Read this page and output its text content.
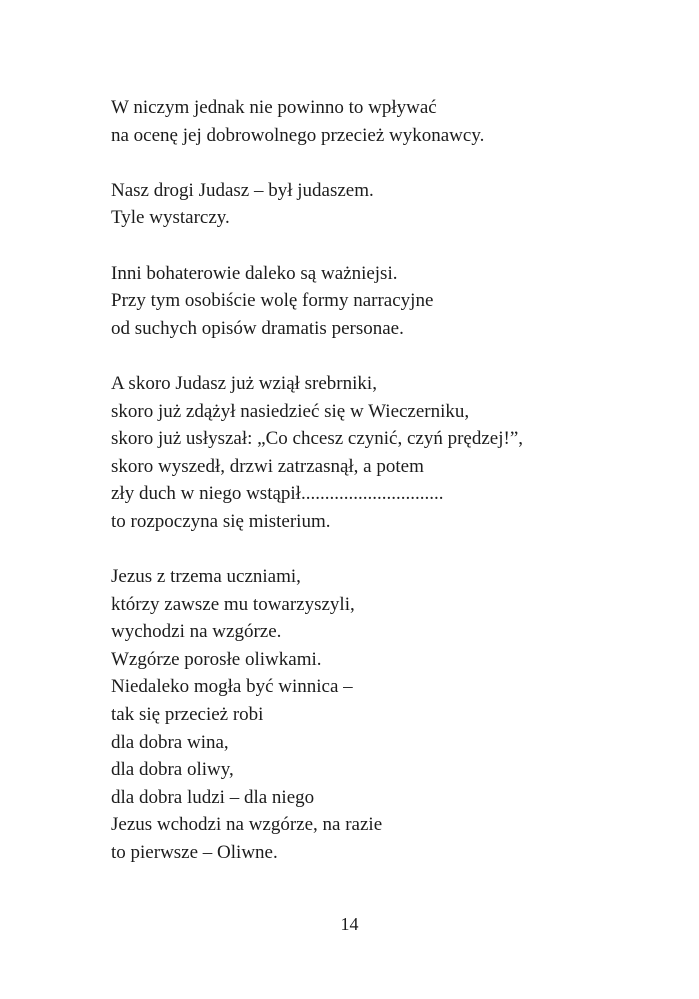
W niczym jednak nie powinno to wpływać
na ocenę jej dobrowolnego przecież wykonawcy.
Nasz drogi Judasz – był judaszem.
Tyle wystarczy.
Inni bohaterowie daleko są ważniejsi.
Przy tym osobiście wolę formy narracyjne
od suchych opisów dramatis personae.
A skoro Judasz już wziął srebrniki,
skoro już zdążył nasiedzieć się w Wieczerniku,
skoro już usłyszał: „Co chcesz czynić, czyń prędzej!”,
skoro wyszedł, drzwi zatrzasnął, a potem
zły duch w niego wstąpił..............................
to rozpoczyna się misterium.
Jezus z trzema uczniami,
którzy zawsze mu towarzyszyli,
wychodzi na wzgórze.
Wzgórze porosłe oliwkami.
Niedaleko mogła być winnica –
tak się przecież robi
dla dobra wina,
dla dobra oliwy,
dla dobra ludzi – dla niego
Jezus wchodzi na wzgórze, na razie
to pierwsze – Oliwne.
14
